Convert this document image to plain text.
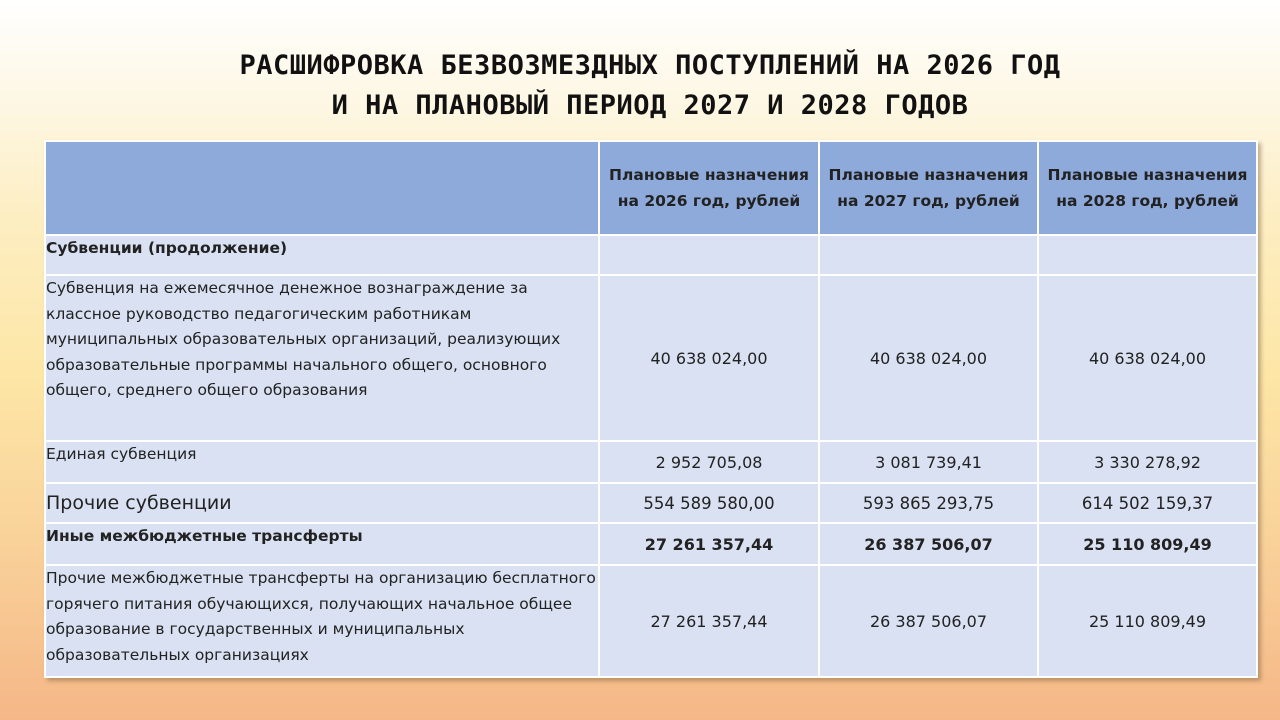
РАСШИФРОВКА БЕЗВОЗМЕЗДНЫХ ПОСТУПЛЕНИЙ НА 2026 ГОД
И НА ПЛАНОВЫЙ ПЕРИОД 2027 И 2028 ГОДОВ
	Плановые назначения на 2026 год, рублей	Плановые назначения на 2027 год, рублей	Плановые назначения на 2028 год, рублей
Субвенции (продолжение)			
Субвенция на ежемесячное денежное вознаграждение за классное руководство педагогическим работникам муниципальных образовательных организаций, реализующих образовательные программы начального общего, основного общего, среднего общего образования	40 638 024,00	40 638 024,00	40 638 024,00
Единая субвенция	2 952 705,08	3 081 739,41	3 330 278,92
Прочие субвенции	554 589 580,00	593 865 293,75	614 502 159,37
Иные межбюджетные трансферты	27 261 357,44	26 387 506,07	25 110 809,49
Прочие межбюджетные трансферты на организацию бесплатного горячего питания обучающихся, получающих начальное общее образование в государственных и муниципальных образовательных организациях	27 261 357,44	26 387 506,07	25 110 809,49
